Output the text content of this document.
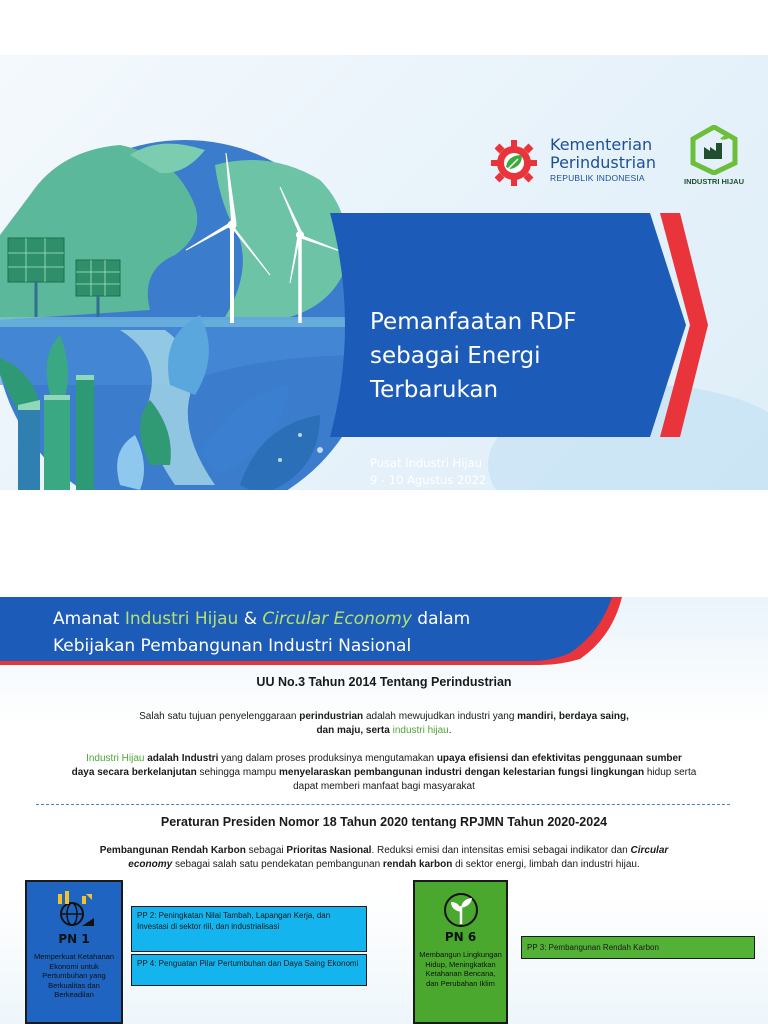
Pemanfaatan RDF
sebagai Energi
Terbarukan
Pusat Industri Hijau
9 - 10 Agustus 2022
Kementerian
Perindustrian
REPUBLIK INDONESIA	INDUSTRI HIJAU
Amanat Industri Hijau & Circular Economy dalam
Kebijakan Pembangunan Industri Nasional
UU No.3 Tahun 2014 Tentang Perindustrian
Salah satu tujuan penyelenggaraan perindustrian adalah mewujudkan industri yang mandiri, berdaya saing,
dan maju, serta industri hijau.
Industri Hijau adalah Industri yang dalam proses produksinya mengutamakan upaya efisiensi dan efektivitas penggunaan sumber
daya secara berkelanjutan sehingga mampu menyelaraskan pembangunan industri dengan kelestarian fungsi lingkungan hidup serta
dapat memberi manfaat bagi masyarakat
Peraturan Presiden Nomor 18 Tahun 2020 tentang RPJMN Tahun 2020-2024
Pembangunan Rendah Karbon sebagai Prioritas Nasional. Reduksi emisi dan intensitas emisi sebagai indikator dan Circular
economy sebagai salah satu pendekatan pembangunan rendah karbon di sektor energi, limbah dan industri hijau.
PN 1
Memperkuat Ketahanan Ekonomi untuk Pertumbuhan yang Berkualitas dan Berkeadilan
PP 2: Peningkatan Nilai Tambah, Lapangan Kerja, dan Investasi di sektor riil, dan industrialisasi
PP 4: Penguatan Pilar Pertumbuhan dan Daya Saing Ekonomi
PN 6
Membangun Lingkungan Hidup, Meningkatkan Ketahanan Bencana, dan Perubahan Iklim
PP 3: Pembangunan Rendah Karbon
